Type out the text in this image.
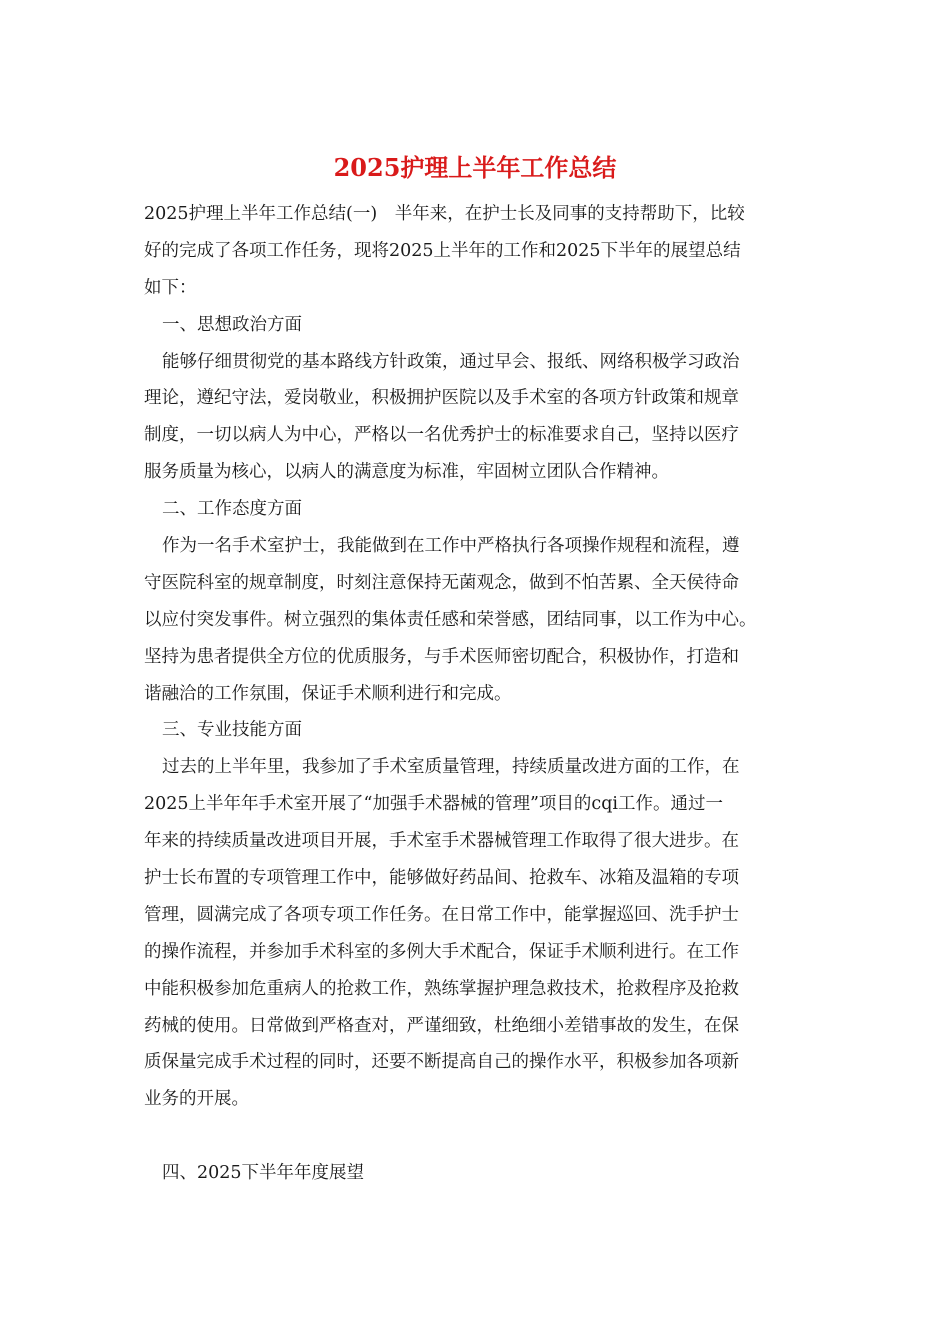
2025护理上半年工作总结
2025护理上半年工作总结(一)　半年来，在护士长及同事的支持帮助下，比较
好的完成了各项工作任务，现将2025上半年的工作和2025下半年的展望总结
如下：
一、思想政治方面
能够仔细贯彻党的基本路线方针政策，通过早会、报纸、网络积极学习政治
理论，遵纪守法，爱岗敬业，积极拥护医院以及手术室的各项方针政策和规章
制度，一切以病人为中心，严格以一名优秀护士的标准要求自己，坚持以医疗
服务质量为核心，以病人的满意度为标准，牢固树立团队合作精神。
二、工作态度方面
作为一名手术室护士，我能做到在工作中严格执行各项操作规程和流程，遵
守医院科室的规章制度，时刻注意保持无菌观念，做到不怕苦累、全天侯待命
以应付突发事件。树立强烈的集体责任感和荣誉感，团结同事，以工作为中心。
坚持为患者提供全方位的优质服务，与手术医师密切配合，积极协作，打造和
谐融洽的工作氛围，保证手术顺利进行和完成。
三、专业技能方面
过去的上半年里，我参加了手术室质量管理，持续质量改进方面的工作，在
2025上半年年手术室开展了“加强手术器械的管理”项目的cqi工作。通过一
年来的持续质量改进项目开展，手术室手术器械管理工作取得了很大进步。在
护士长布置的专项管理工作中，能够做好药品间、抢救车、冰箱及温箱的专项
管理，圆满完成了各项专项工作任务。在日常工作中，能掌握巡回、洗手护士
的操作流程，并参加手术科室的多例大手术配合，保证手术顺利进行。在工作
中能积极参加危重病人的抢救工作，熟练掌握护理急救技术，抢救程序及抢救
药械的使用。日常做到严格查对，严谨细致，杜绝细小差错事故的发生，在保
质保量完成手术过程的同时，还要不断提高自己的操作水平，积极参加各项新
业务的开展。
四、2025下半年年度展望
